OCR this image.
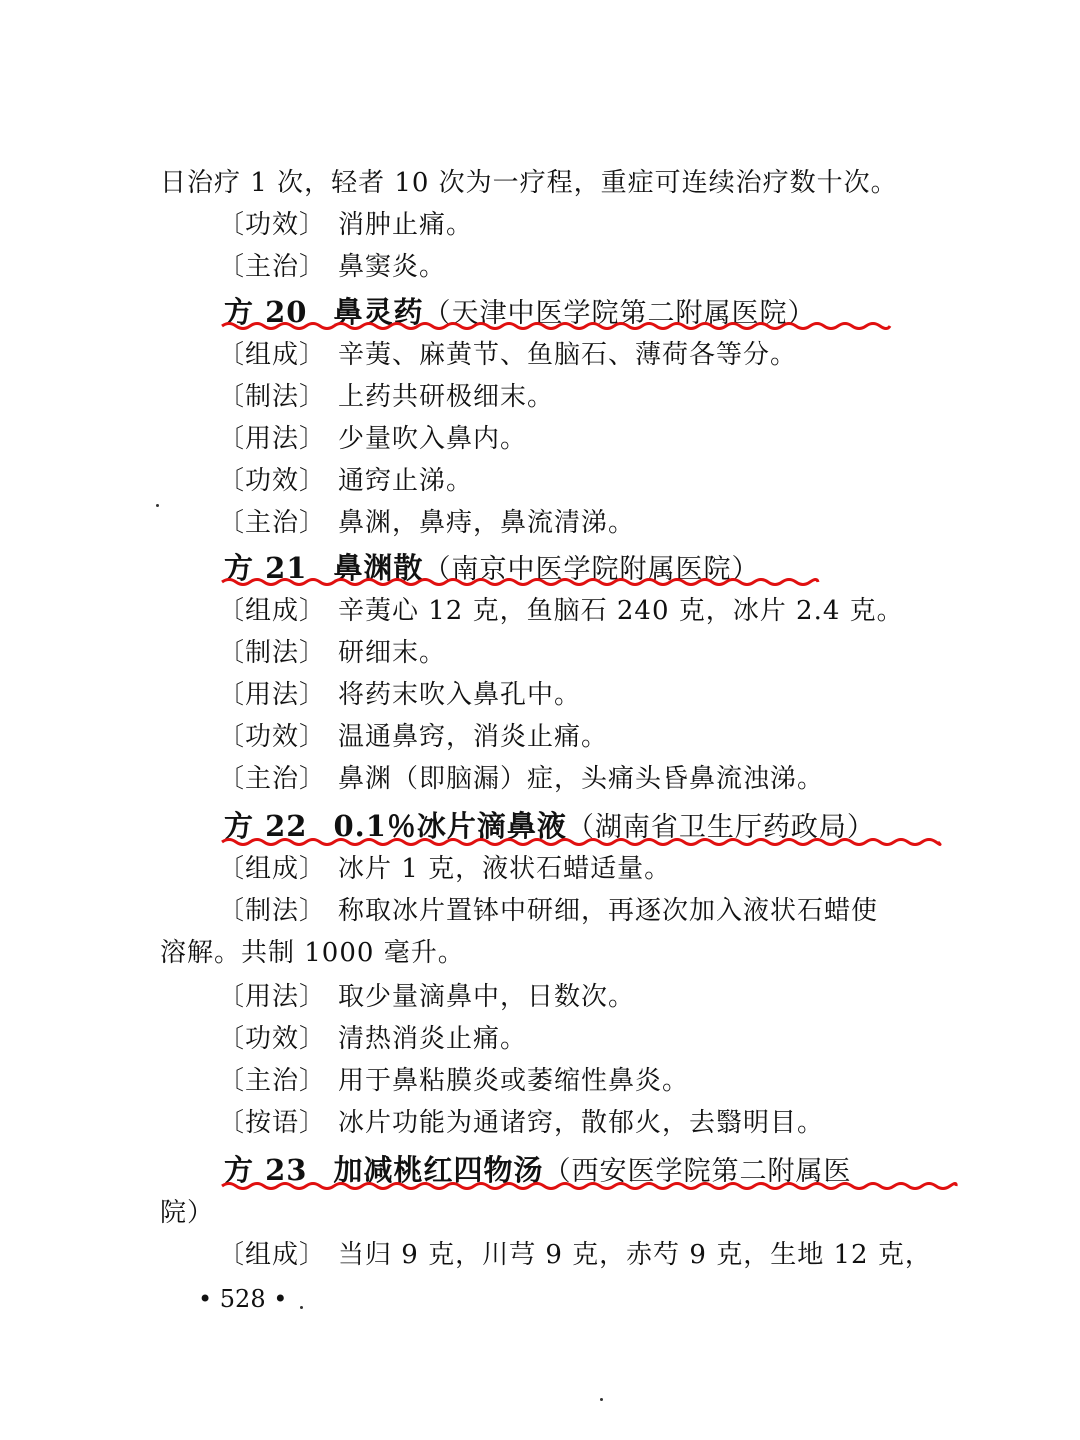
日治疗 1 次，轻者 10 次为一疗程，重症可连续治疗数十次。
〔功效〕 消肿止痛。
〔主治〕 鼻窦炎。
方 20 鼻灵药（天津中医学院第二附属医院）
〔组成〕 辛荑、麻黄节、鱼脑石、薄荷各等分。
〔制法〕 上药共研极细末。
〔用法〕 少量吹入鼻内。
〔功效〕 通窍止涕。
〔主治〕 鼻渊，鼻痔，鼻流清涕。
方 21 鼻渊散（南京中医学院附属医院）
〔组成〕 辛荑心 12 克，鱼脑石 240 克，冰片 2.4 克。
〔制法〕 研细末。
〔用法〕 将药末吹入鼻孔中。
〔功效〕 温通鼻窍，消炎止痛。
〔主治〕 鼻渊（即脑漏）症，头痛头昏鼻流浊涕。
方 22 0.1％冰片滴鼻液（湖南省卫生厅药政局）
〔组成〕 冰片 1 克，液状石蜡适量。
〔制法〕 称取冰片置钵中研细，再逐次加入液状石蜡使
溶解。共制 1000 毫升。
〔用法〕 取少量滴鼻中，日数次。
〔功效〕 清热消炎止痛。
〔主治〕 用于鼻粘膜炎或萎缩性鼻炎。
〔按语〕 冰片功能为通诸窍，散郁火，去翳明目。
方 23 加减桃红四物汤（西安医学院第二附属医
院）
〔组成〕 当归 9 克，川芎 9 克，赤芍 9 克，生地 12 克，
• 528 •
